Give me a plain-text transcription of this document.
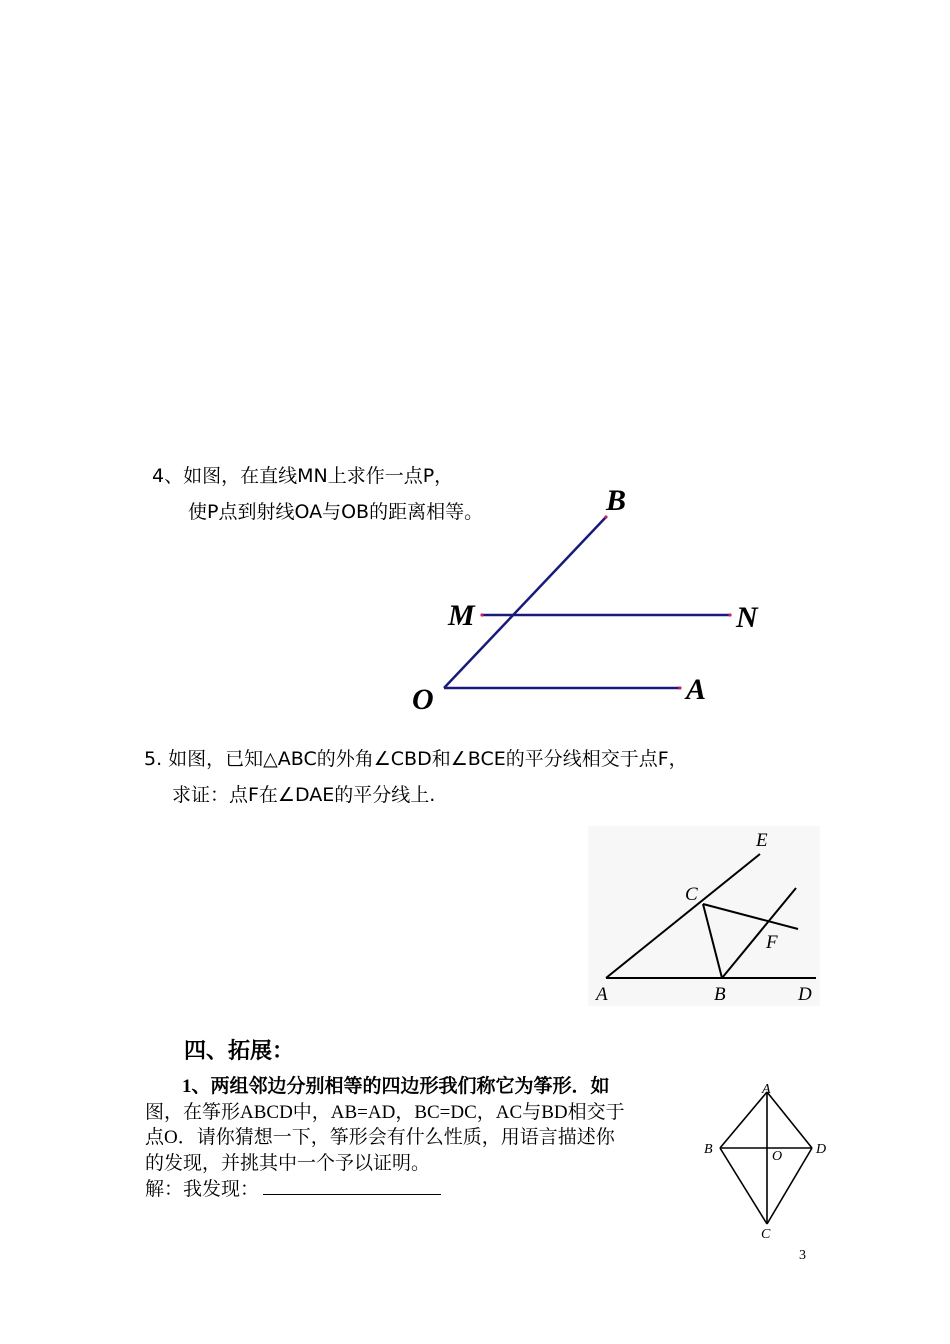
4、如图，在直线MN上求作一点P，
使P点到射线OA与OB的距离相等。	B
M	N
O	A
5. 如图，已知△ABC的外角∠CBD和∠BCE的平分线相交于点F，
求证：点F在∠DAE的平分线上.
E
C
F
A	B	D
四、拓展：
1、两组邻边分别相等的四边形我们称它为筝形．如
图，在筝形ABCD中，AB=AD，BC=DC，AC与BD相交于
点O．请你猜想一下，筝形会有什么性质，用语言描述你
的发现，并挑其中一个予以证明。
解：我发现：
A
B	O D
C
3
